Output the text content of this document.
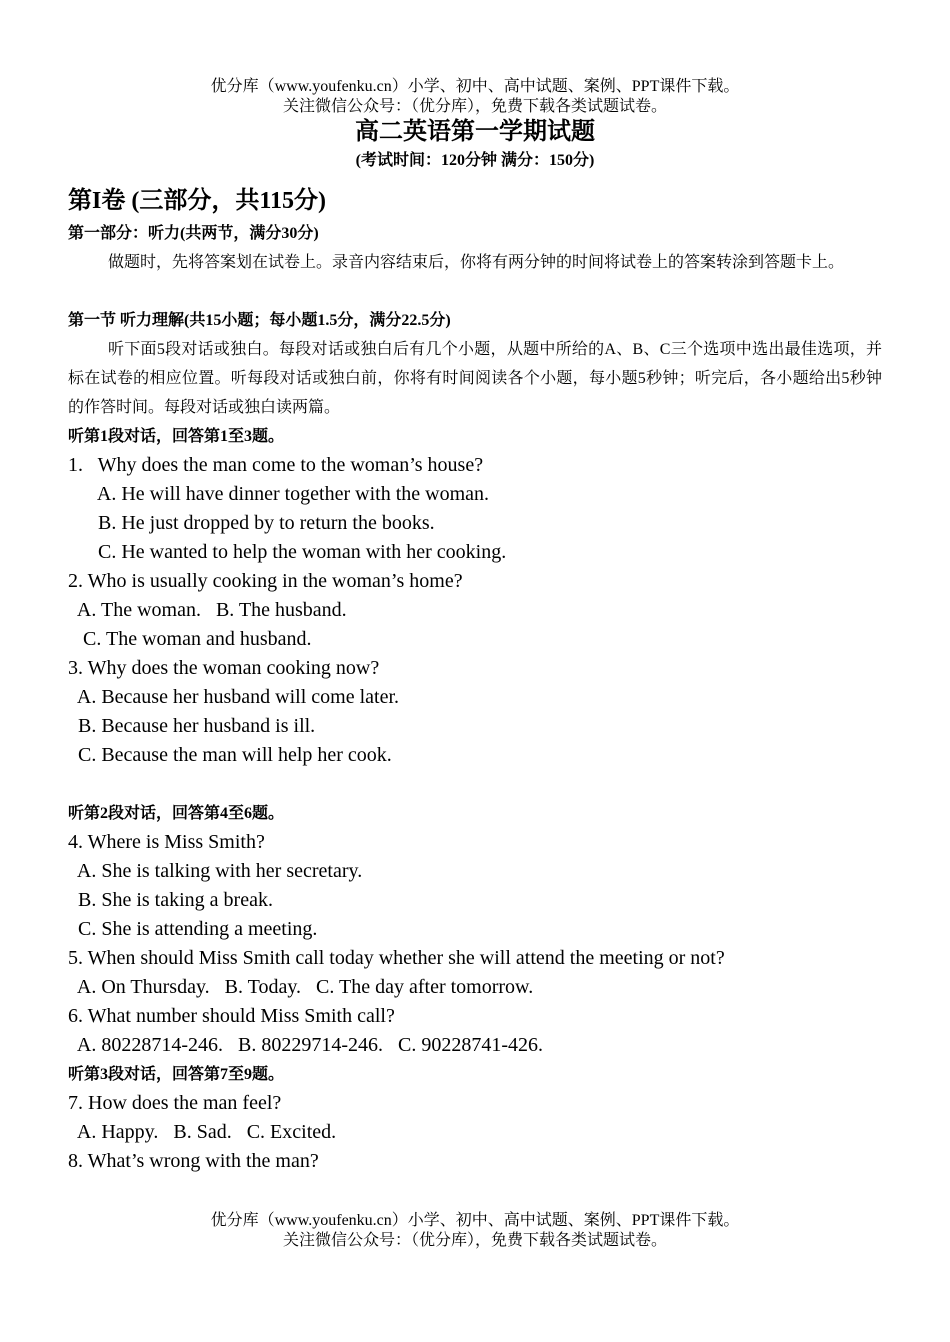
优分库（www.youfenku.cn）小学、初中、高中试题、案例、PPT课件下载。
关注微信公众号：（优分库），免费下载各类试题试卷。
高二英语第一学期试题
(考试时间：120分钟 满分：150分)

第I卷 (三部分，共115分)

第一部分：听力(共两节，满分30分)

做题时，先将答案划在试卷上。录音内容结束后，你将有两分钟的时间将试卷上的答案转涂到答题卡上。

第一节 听力理解(共15小题；每小题1.5分，满分22.5分)

听下面5段对话或独白。每段对话或独白后有几个小题，从题中所给的A、B、C三个选项中选出最佳选项，并标在试卷的相应位置。听每段对话或独白前，你将有时间阅读各个小题，每小题5秒钟；听完后，各小题给出5秒钟的作答时间。每段对话或独白读两篇。

听第1段对话，回答第1至3题。

1.   Why does the man come to the woman’s house?

A. He will have dinner together with the woman.

B. He just dropped by to return the books.

C. He wanted to help the woman with her cooking.

2. Who is usually cooking in the woman’s home?

A. The woman.   B. The husband.

C. The woman and husband.

3. Why does the woman cooking now?

A. Because her husband will come later.

B. Because her husband is ill.

C. Because the man will help her cook.

听第2段对话，回答第4至6题。

4. Where is Miss Smith?

A. She is talking with her secretary.

B. She is taking a break.

C. She is attending a meeting.

5. When should Miss Smith call today whether she will attend the meeting or not?

A. On Thursday.   B. Today.   C. The day after tomorrow.

6. What number should Miss Smith call?

A. 80228714-246.   B. 80229714-246.   C. 90228741-426.

听第3段对话，回答第7至9题。

7. How does the man feel?

A. Happy.   B. Sad.   C. Excited.

8. What’s wrong with the man?

优分库（www.youfenku.cn）小学、初中、高中试题、案例、PPT课件下载。
关注微信公众号：（优分库），免费下载各类试题试卷。
